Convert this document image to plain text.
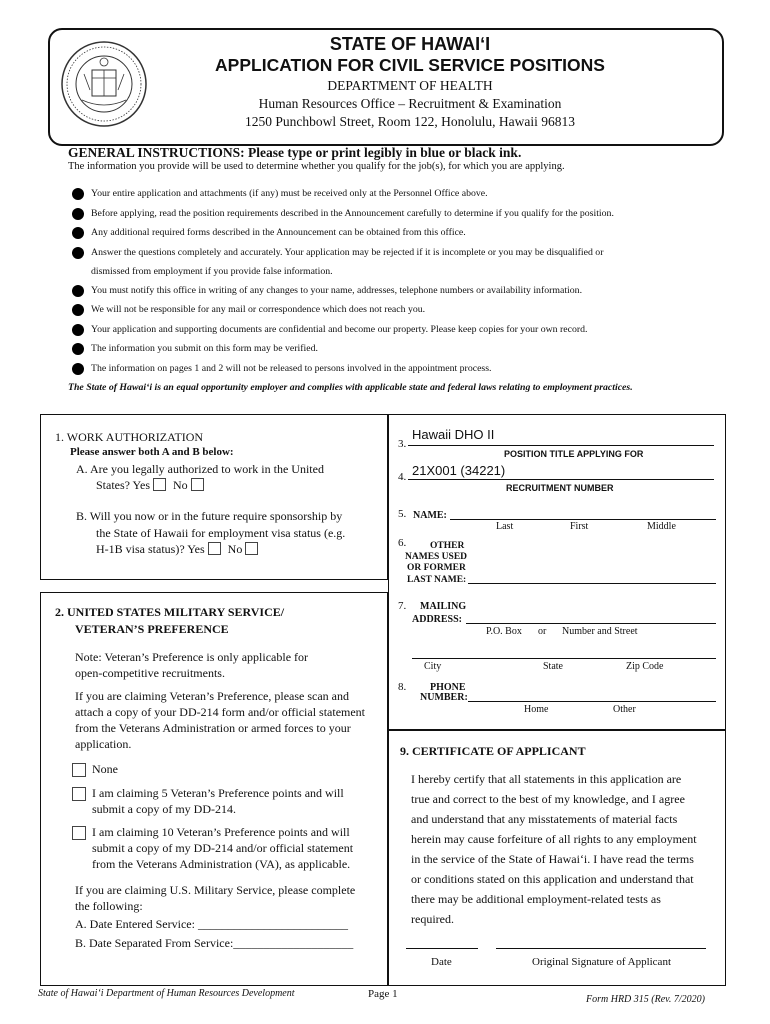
STATE OF HAWAIʻI
APPLICATION FOR CIVIL SERVICE POSITIONS
DEPARTMENT OF HEALTH
Human Resources Office – Recruitment & Examination
1250 Punchbowl Street, Room 122, Honolulu, Hawaii 96813
GENERAL INSTRUCTIONS: Please type or print legibly in blue or black ink.
The information you provide will be used to determine whether you qualify for the job(s), for which you are applying.
Your entire application and attachments (if any) must be received only at the Personnel Office above.
Before applying, read the position requirements described in the Announcement carefully to determine if you qualify for the position.
Any additional required forms described in the Announcement can be obtained from this office.
Answer the questions completely and accurately. Your application may be rejected if it is incomplete or you may be disqualified or
dismissed from employment if you provide false information.
You must notify this office in writing of any changes to your name, addresses, telephone numbers or availability information.
We will not be responsible for any mail or correspondence which does not reach you.
Your application and supporting documents are confidential and become our property. Please keep copies for your own record.
The information you submit on this form may be verified.
The information on pages 1 and 2 will not be released to persons involved in the appointment process.
The State of Hawaiʻi is an equal opportunity employer and complies with applicable state and federal laws relating to employment practices.
1. WORK AUTHORIZATION
Please answer both A and B below:
A. Are you legally authorized to work in the United
States? Yes No
B. Will you now or in the future require sponsorship by
the State of Hawaii for employment visa status (e.g.
H-1B visa status)? Yes No
2. UNITED STATES MILITARY SERVICE/
VETERAN’S PREFERENCE
Note: Veteran’s Preference is only applicable for
open-competitive recruitments.
If you are claiming Veteran’s Preference, please scan and
attach a copy of your DD-214 form and/or official statement
from the Veterans Administration or armed forces to your
application.
None
I am claiming 5 Veteran’s Preference points and will
submit a copy of my DD-214.
I am claiming 10 Veteran’s Preference points and will
submit a copy of my DD-214 and/or official statement
from the Veterans Administration (VA), as applicable.
If you are claiming U.S. Military Service, please complete
the following:
A. Date Entered Service: _________________________
B. Date Separated From Service:____________________
3.
Hawaii DHO II
POSITION TITLE APPLYING FOR
4. 21X001 (34221)
RECRUITMENT NUMBER
5. NAME:
Last	First	Middle
6.	OTHER
NAMES USED
OR FORMER
LAST NAME:
7. MAILING
ADDRESS:
P.O. Box or Number and Street
City	State	Zip Code
8. PHONE
NUMBER:
Home	Other
9. CERTIFICATE OF APPLICANT
I hereby certify that all statements in this application are
true and correct to the best of my knowledge, and I agree
and understand that any misstatements of material facts
herein may cause forfeiture of all rights to any employment
in the service of the State of Hawaiʻi. I have read the terms
or conditions stated on this application and understand that
there may be additional employment-related tests as
required.
Date	Original Signature of Applicant
State of Hawaiʻi Department of Human Resources Development	Page 1	Form HRD 315 (Rev. 7/2020)
